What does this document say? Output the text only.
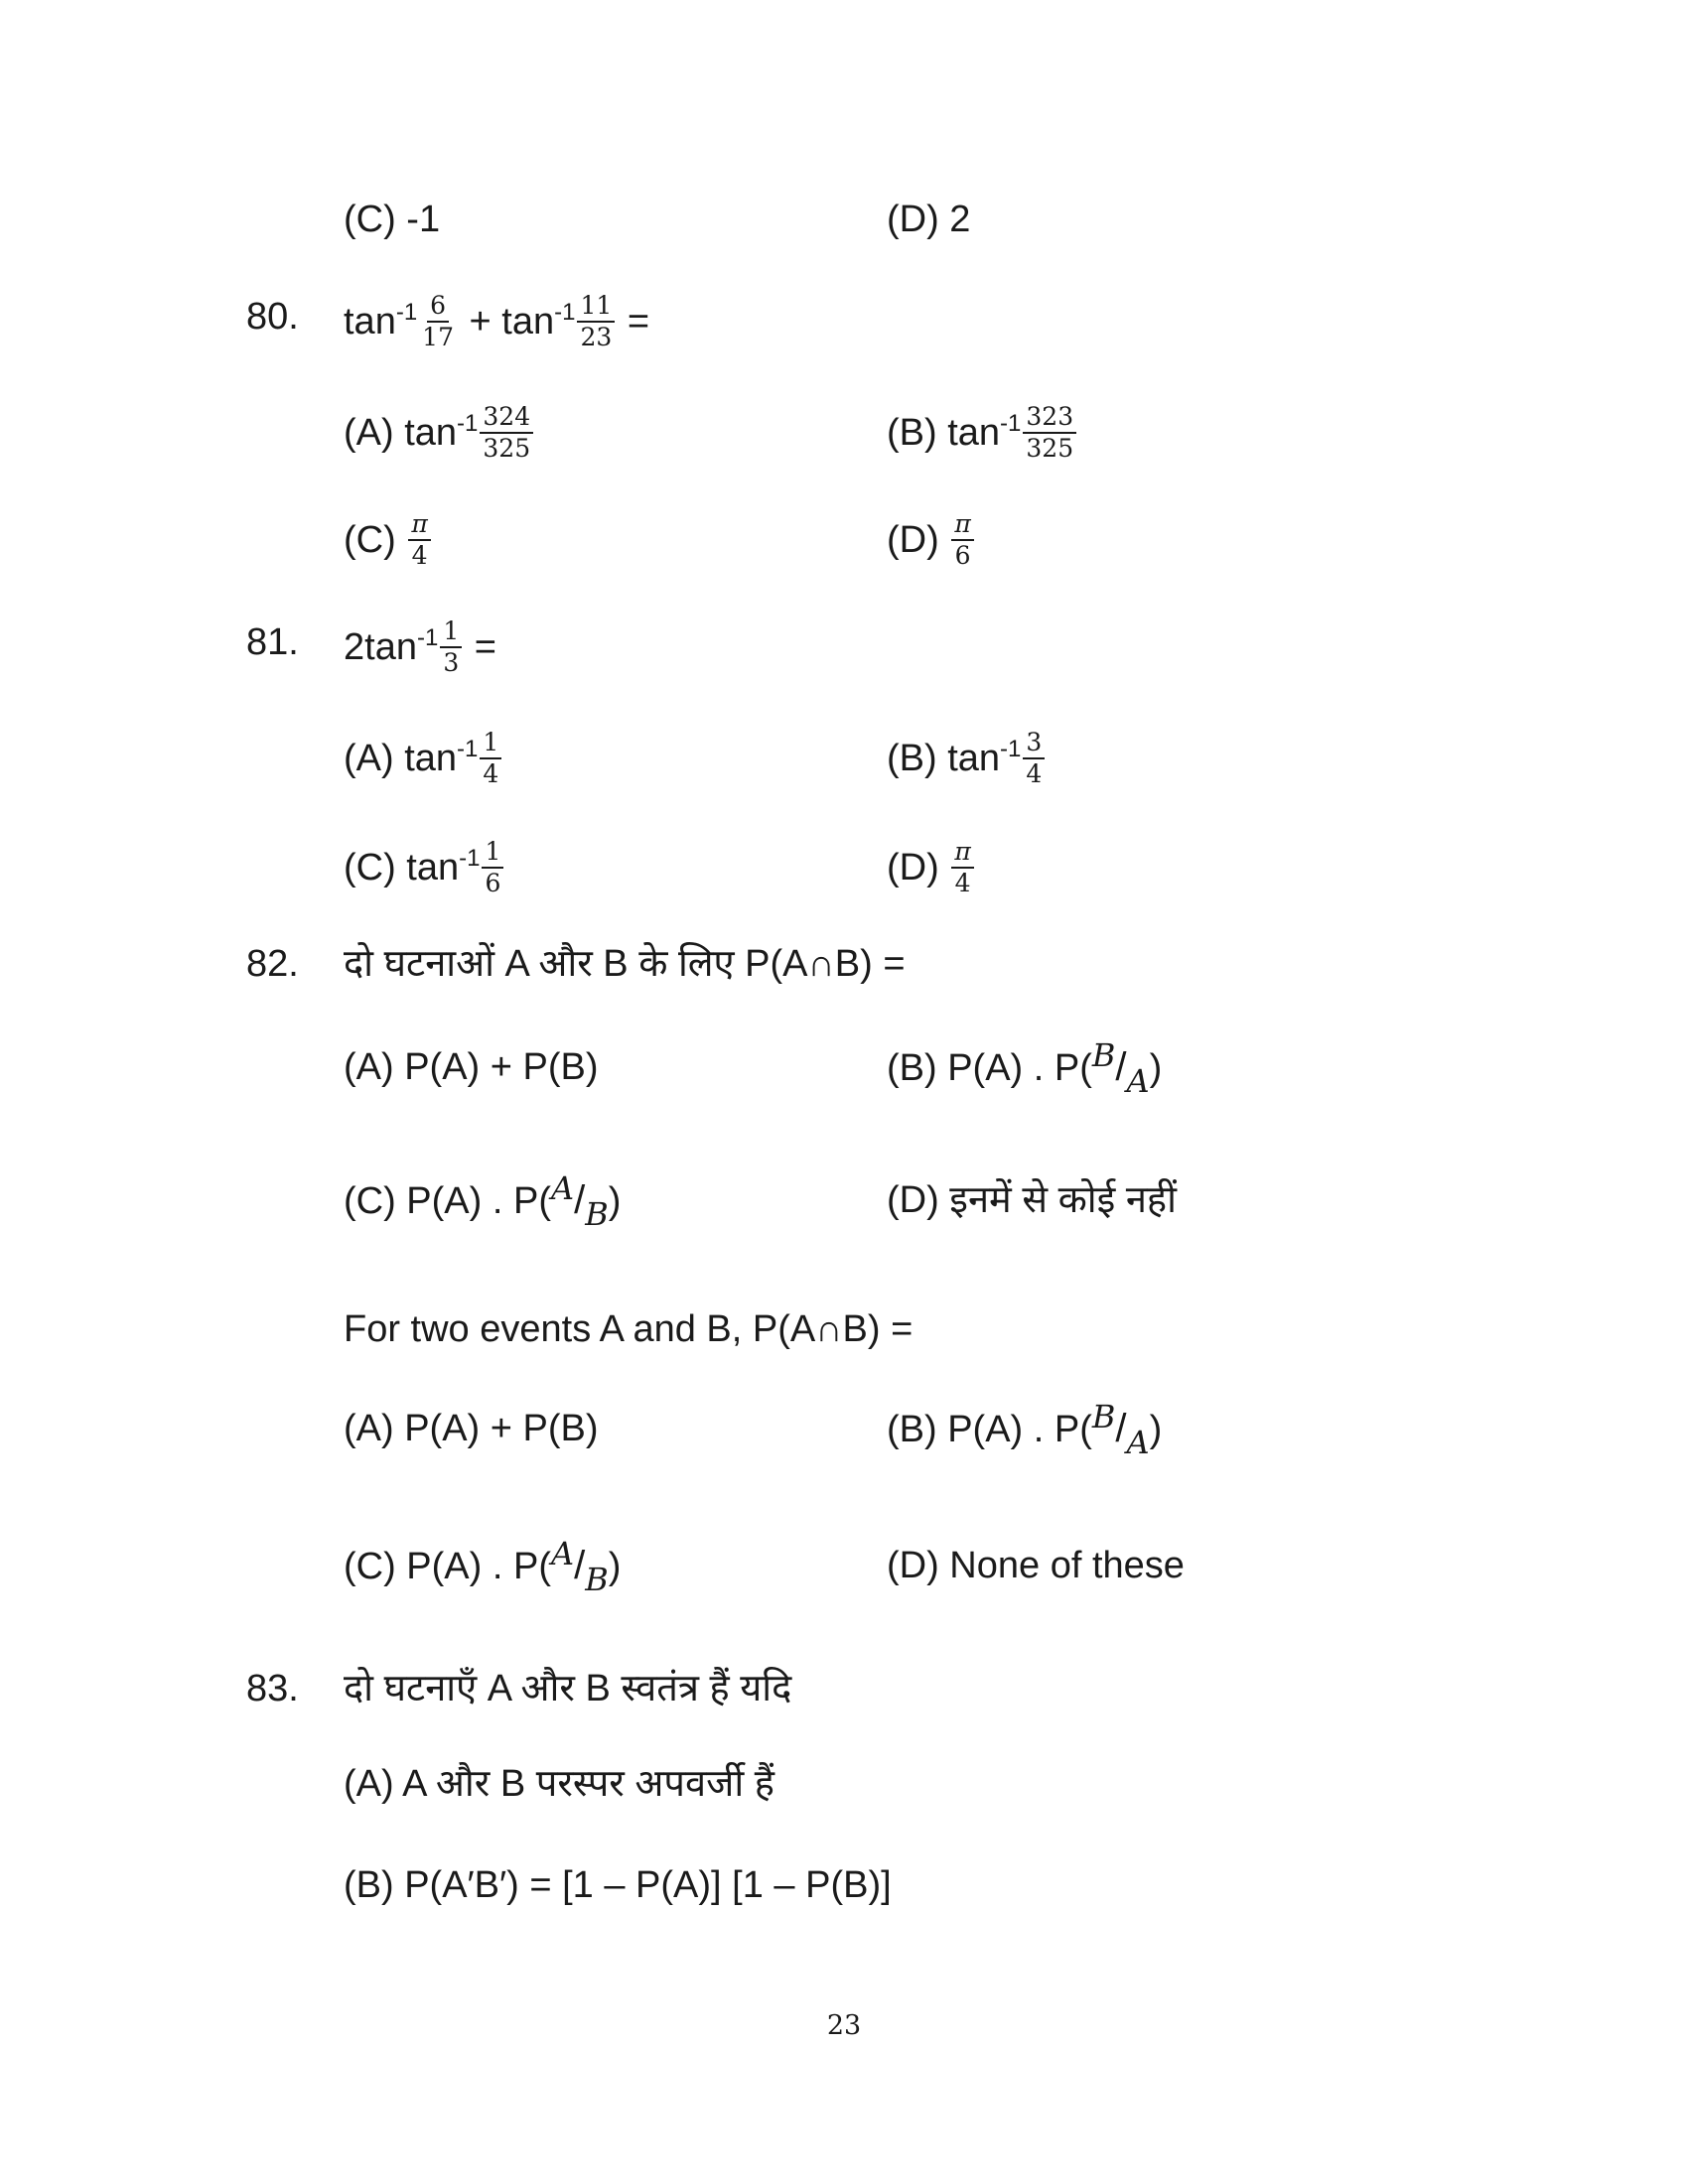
(C) -1	(D) 2
80. $\tan^{-1} \frac{6}{17} + \tan^{-1} \frac{11}{23}$ =
(A) $\tan^{-1} \frac{324}{325}$	(B) $\tan^{-1} \frac{323}{325}$
$(C) \frac{\pi}{4}$	$(D) \frac{\pi}{6}$
81. $2\tan^{-1} \frac{1}{3}$ =
(A) $\tan^{-1} \frac{1}{4}$	(B) $\tan^{-1} \frac{3}{4}$
(C) $\tan^{-1} \frac{1}{6}$	$(D) \frac{\pi}{4}$
82. दो घटनाओं A और B के लिए P(A∩B) =
(A) P(A) + P(B)	(B) P(A) . $P(^B/_A)$
(C) P(A) . $P(^A/_B)$	(D) इनमें से कोई नहीं
For two events A and B, P(A∩B) =
(A) P(A) + P(B)	(B) P(A) . $P(^B/_A)$
(C) P(A) . $P(^A/_B)$	(D) None of these
83. दो घटनाएँ A और B स्वतंत्र हैं यदि
(A) A और B परस्पर अपवर्जी हैं
(B) P(A′B′) = [1 – P(A)] [1 – P(B)]
23
